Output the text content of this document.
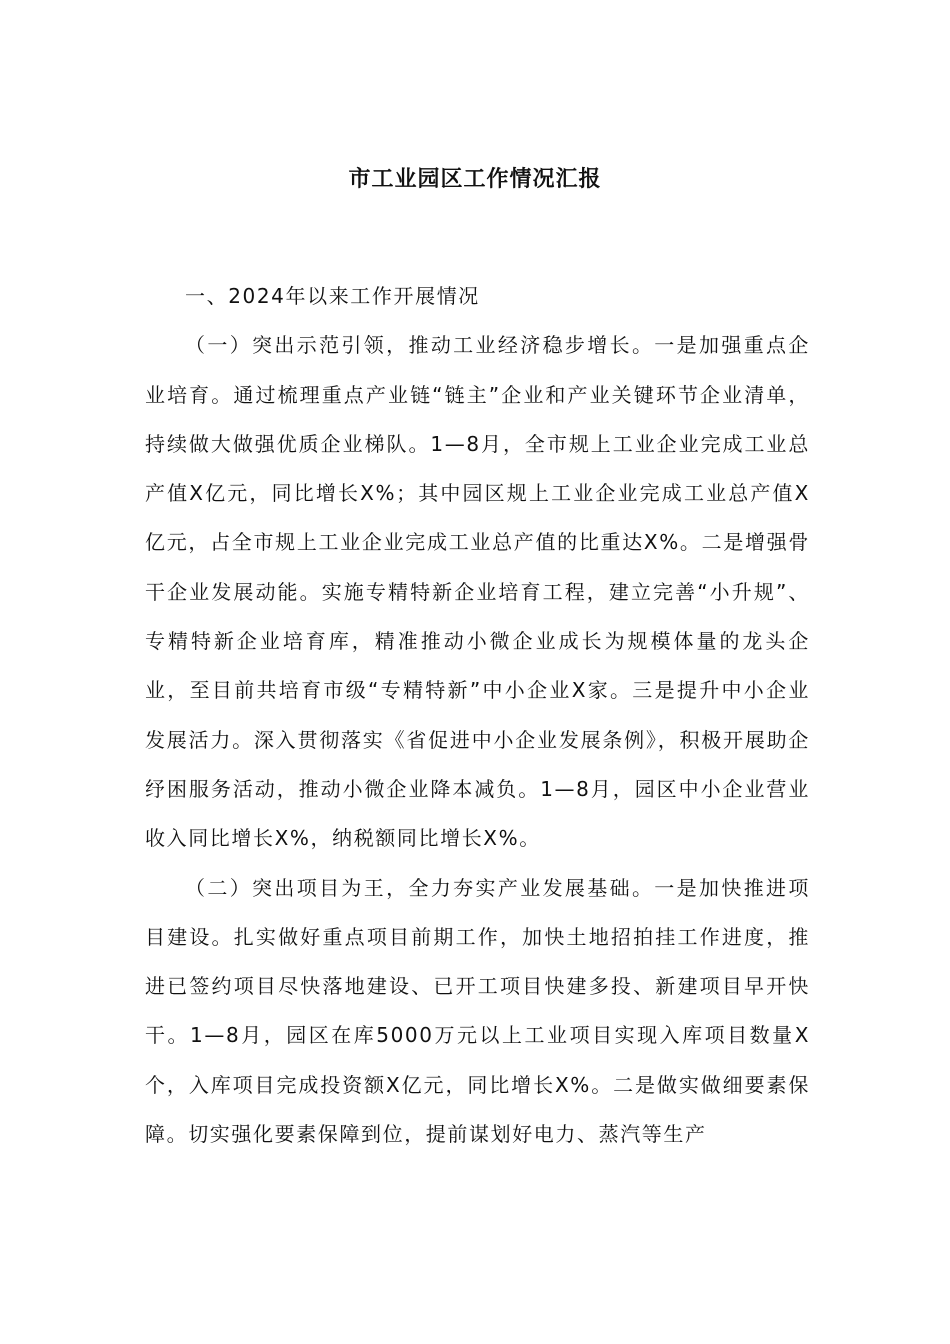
市工业园区工作情况汇报

一、2024年以来工作开展情况

（一）突出示范引领，推动工业经济稳步增长。一是加强重点企业培育。通过梳理重点产业链“链主”企业和产业关键环节企业清单，持续做大做强优质企业梯队。1—8月，全市规上工业企业完成工业总产值X亿元，同比增长X%；其中园区规上工业企业完成工业总产值X亿元，占全市规上工业企业完成工业总产值的比重达X%。二是增强骨干企业发展动能。实施专精特新企业培育工程，建立完善“小升规”、专精特新企业培育库，精准推动小微企业成长为规模体量的龙头企业，至目前共培育市级“专精特新”中小企业X家。三是提升中小企业发展活力。深入贯彻落实《省促进中小企业发展条例》，积极开展助企纾困服务活动，推动小微企业降本减负。1—8月，园区中小企业营业收入同比增长X%，纳税额同比增长X%。

（二）突出项目为王，全力夯实产业发展基础。一是加快推进项目建设。扎实做好重点项目前期工作，加快土地招拍挂工作进度，推进已签约项目尽快落地建设、已开工项目快建多投、新建项目早开快干。1—8月，园区在库5000万元以上工业项目实现入库项目数量X个，入库项目完成投资额X亿元，同比增长X%。二是做实做细要素保障。切实强化要素保障到位，提前谋划好电力、蒸汽等生产
